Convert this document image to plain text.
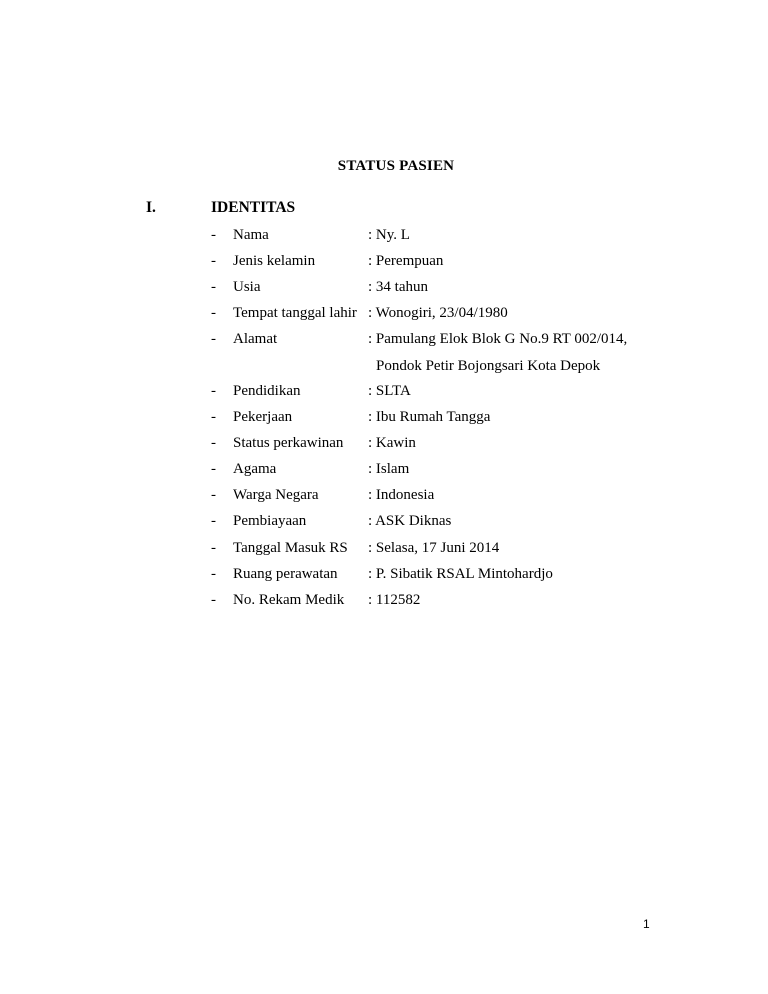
STATUS PASIEN
I.	IDENTITAS
- Nama	: Ny. L
- Jenis kelamin	: Perempuan
- Usia	: 34 tahun
- Tempat tanggal lahir : Wonogiri, 23/04/1980
- Alamat	: Pamulang Elok Blok G No.9 RT 002/014,
Pondok Petir Bojongsari Kota Depok
- Pendidikan	: SLTA
- Pekerjaan	: Ibu Rumah Tangga
- Status perkawinan : Kawin
- Agama	: Islam
- Warga Negara	: Indonesia
- Pembiayaan	: ASK Diknas
- Tanggal Masuk RS : Selasa, 17 Juni 2014
- Ruang perawatan : P. Sibatik RSAL Mintohardjo
- No. Rekam Medik : 112582
1
